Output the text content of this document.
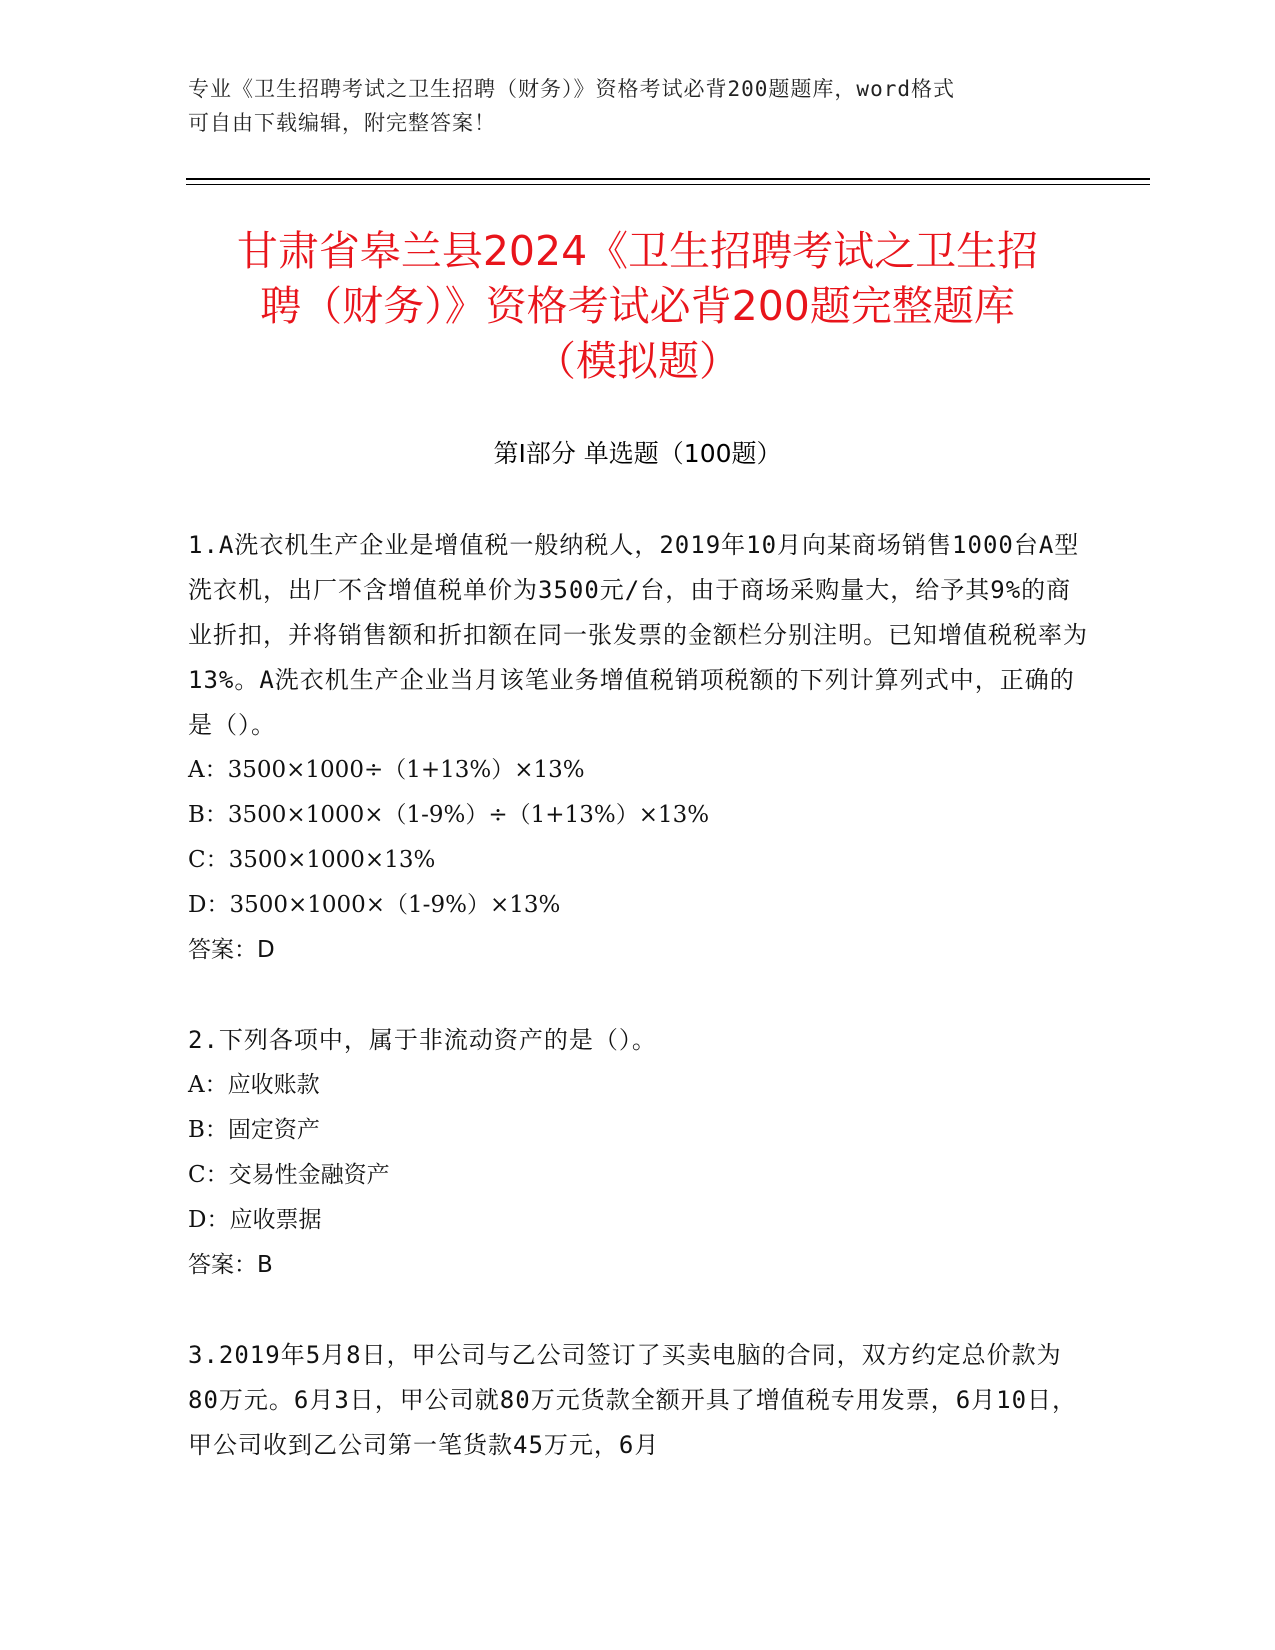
专业《卫生招聘考试之卫生招聘（财务）》资格考试必背200题题库，word格式
可自由下载编辑，附完整答案！
甘肃省皋兰县2024《卫生招聘考试之卫生招
聘（财务）》资格考试必背200题完整题库
（模拟题）
第Ⅰ部分 单选题（100题）

1.A洗衣机生产企业是增值税一般纳税人，2019年10月向某商场销售1000台A型洗衣机，出厂不含增值税单价为3500元/台，由于商场采购量大，给予其9%的商业折扣，并将销售额和折扣额在同一张发票的金额栏分别注明。已知增值税税率为13%。A洗衣机生产企业当月该笔业务增值税销项税额的下列计算列式中，正确的是（）。

A：3500×1000÷（1+13%）×13%

B：3500×1000×（1-9%）÷（1+13%）×13%

C：3500×1000×13%

D：3500×1000×（1-9%）×13%

答案：D

2.下列各项中，属于非流动资产的是（）。

A：应收账款

B：固定资产

C：交易性金融资产

D：应收票据

答案：B

3.2019年5月8日，甲公司与乙公司签订了买卖电脑的合同，双方约定总价款为80万元。6月3日，甲公司就80万元货款全额开具了增值税专用发票，6月10日，甲公司收到乙公司第一笔货款45万元，6月
